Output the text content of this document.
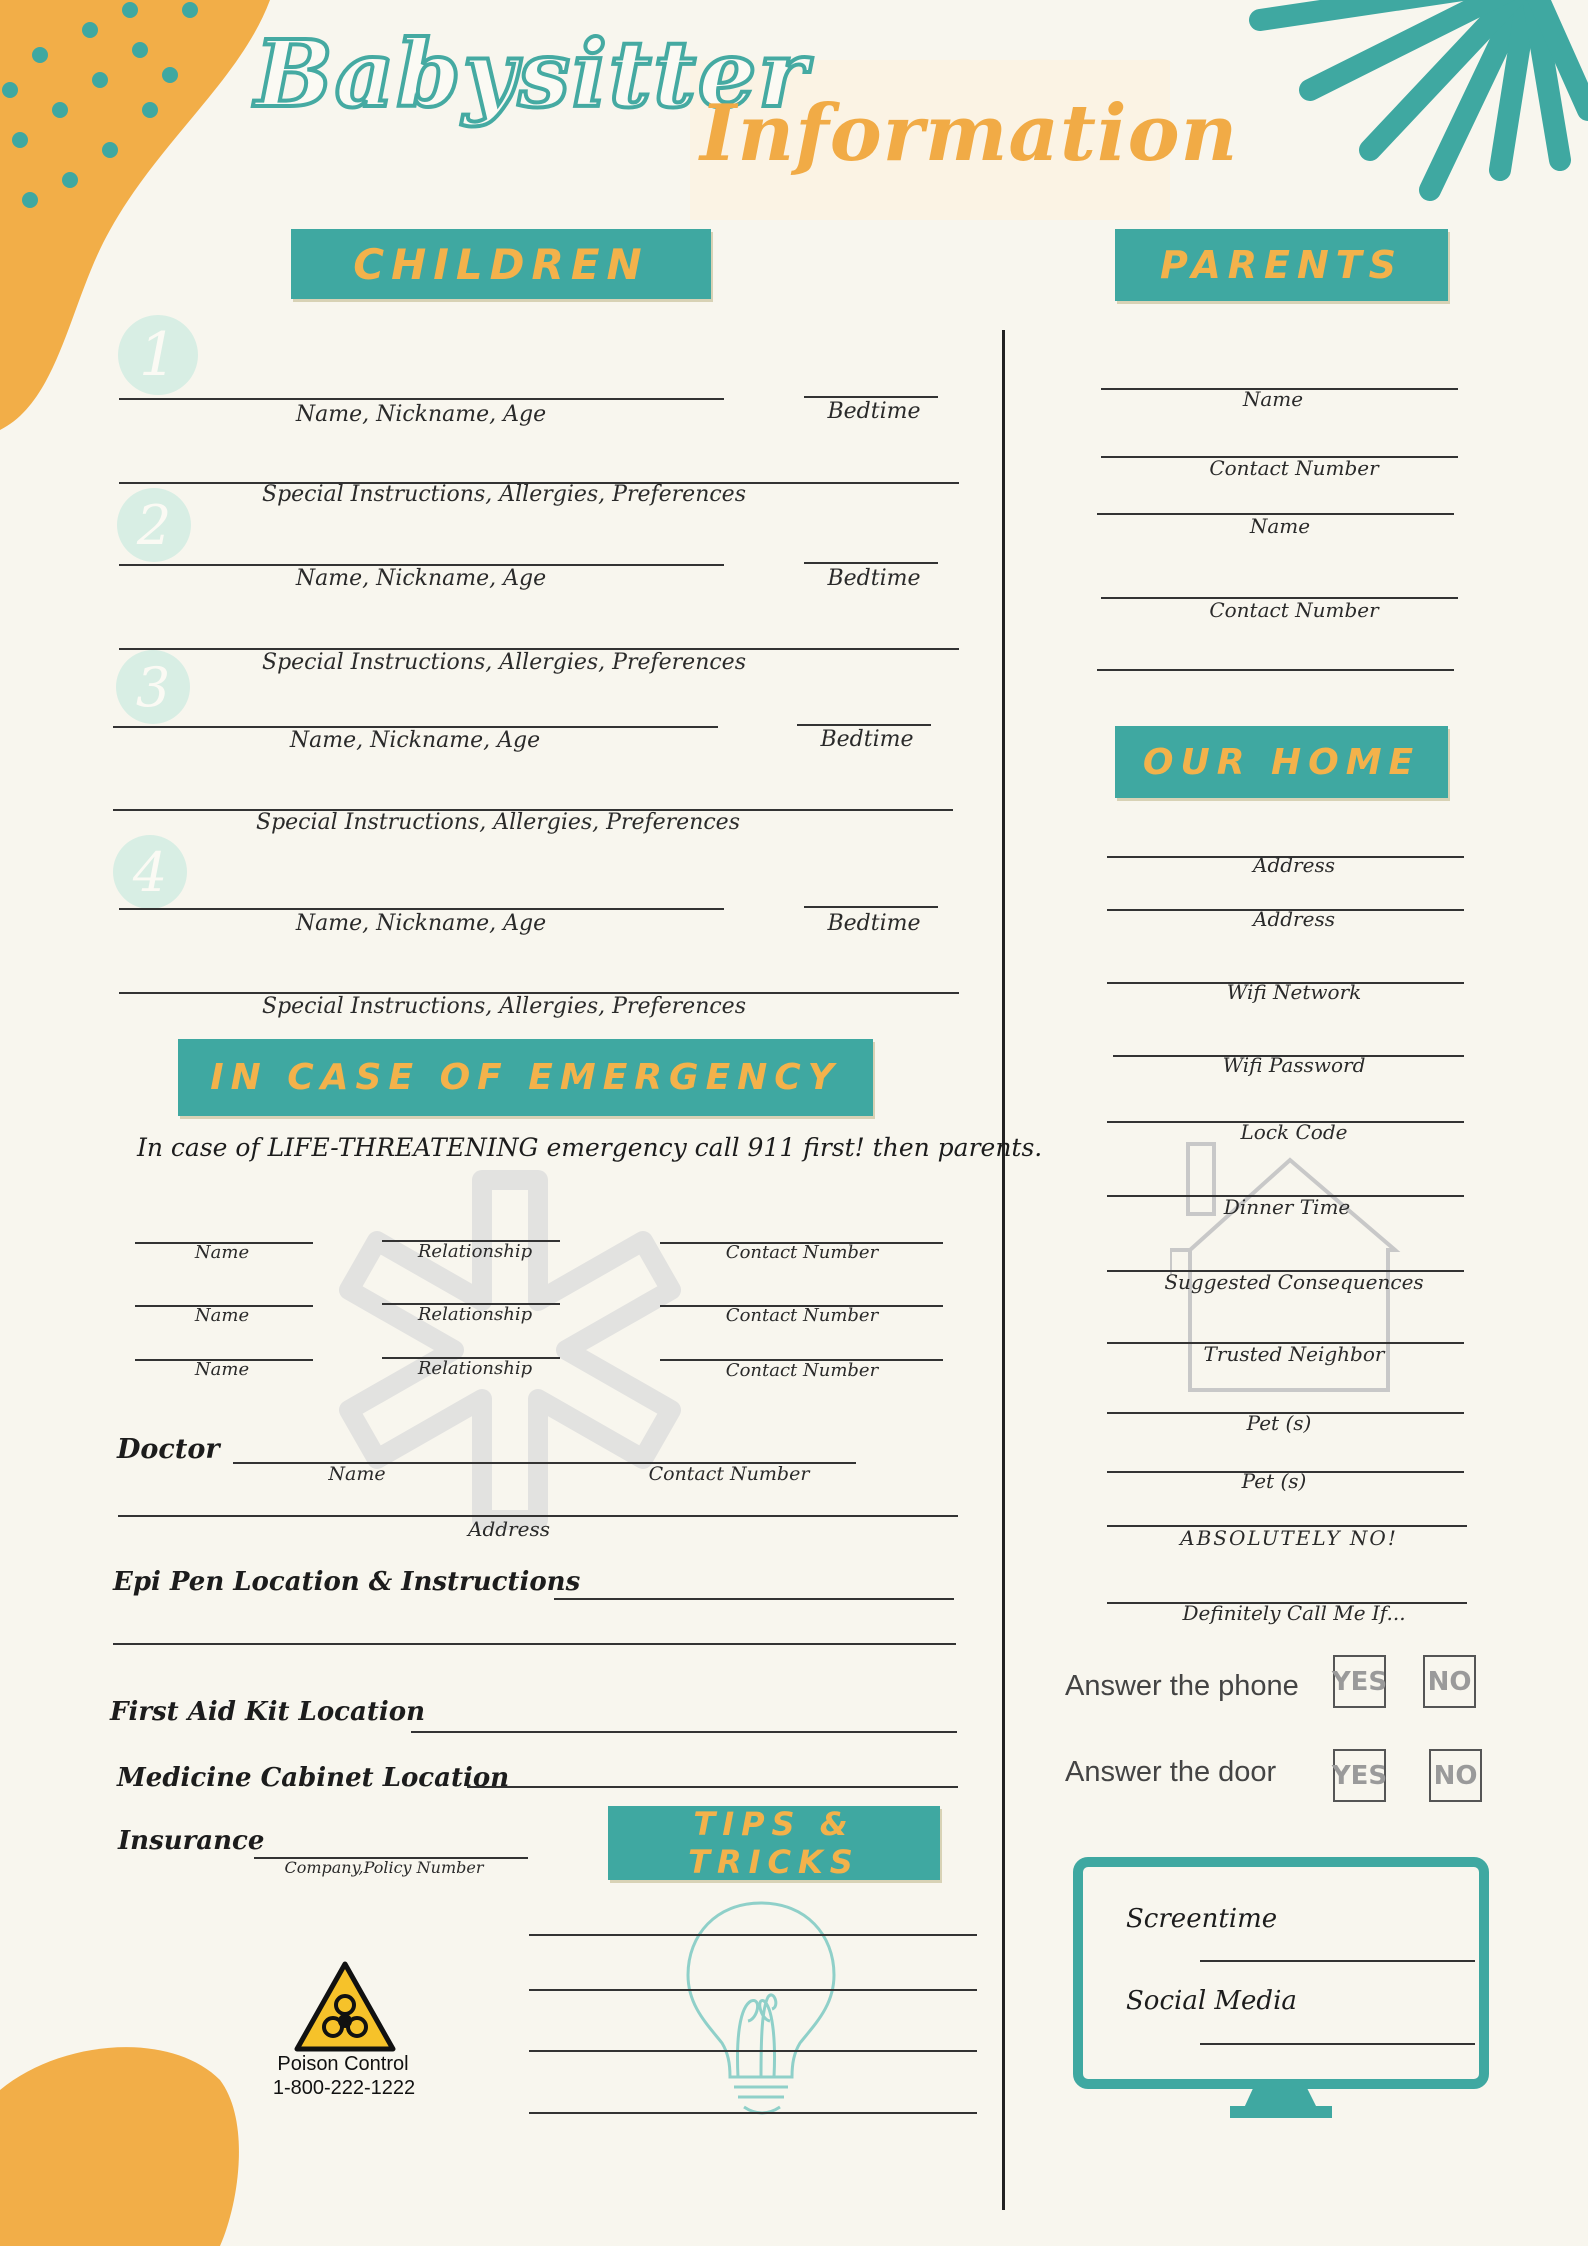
Babysitter
Information
CHILDREN	PARENTS
OUR HOME
IN CASE OF EMERGENCY
TIPS & TRICKS
1
Name, Nickname, Age	Bedtime
Special Instructions, Allergies, Preferences
2
Name, Nickname, Age	Bedtime
Special Instructions, Allergies, Preferences
3
Name, Nickname, Age	Bedtime
Special Instructions, Allergies, Preferences
4
Name, Nickname, Age	Bedtime
Special Instructions, Allergies, Preferences
Name
Contact Number
Name
Contact Number
Address
Address
Wifi Network
Wifi Password
Lock Code
Dinner Time
Suggested Consequences
Trusted Neighbor
Pet (s)
Pet (s)
ABSOLUTELY NO!
Definitely Call Me If...
Answer the phone YES NO
Answer the door YES NO
Screentime
Social Media
In case of LIFE-THREATENING emergency call 911 first! then parents.
Name	Relationship	Contact Number
Name	Relationship	Contact Number
Name	Relationship	Contact Number
Doctor
Name	Contact Number
Address
Epi Pen Location & Instructions
First Aid Kit Location
Medicine Cabinet Location
Insurance
Company,Policy Number
Poison Control
1-800-222-1222
